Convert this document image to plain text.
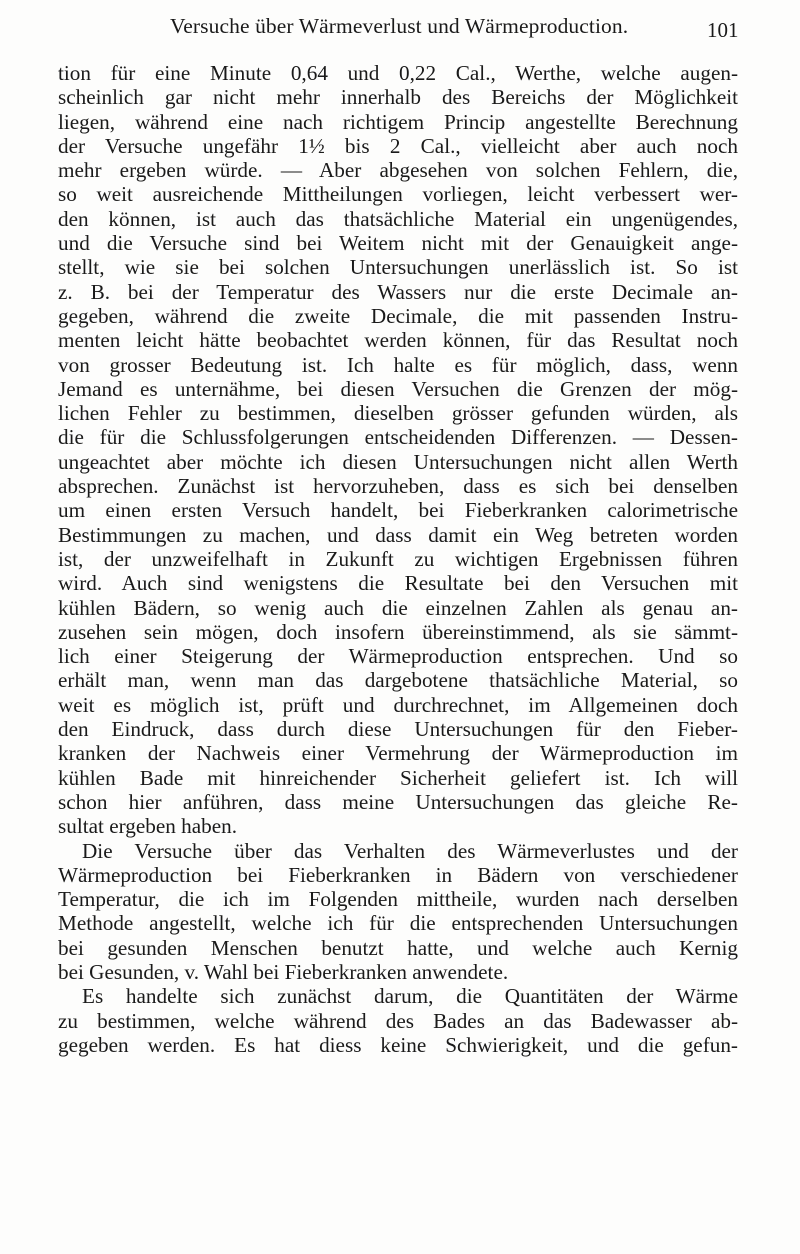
Versuche über Wärmeverlust und Wärmeproduction.	101
tion für eine Minute 0,64 und 0,22 Cal., Werthe, welche augen-
scheinlich gar nicht mehr innerhalb des Bereichs der Möglichkeit
liegen, während eine nach richtigem Princip angestellte Berechnung
der Versuche ungefähr 1½ bis 2 Cal., vielleicht aber auch noch
mehr ergeben würde. — Aber abgesehen von solchen Fehlern, die,
so weit ausreichende Mittheilungen vorliegen, leicht verbessert wer-
den können, ist auch das thatsächliche Material ein ungenügendes,
und die Versuche sind bei Weitem nicht mit der Genauigkeit ange-
stellt, wie sie bei solchen Untersuchungen unerlässlich ist. So ist
z. B. bei der Temperatur des Wassers nur die erste Decimale an-
gegeben, während die zweite Decimale, die mit passenden Instru-
menten leicht hätte beobachtet werden können, für das Resultat noch
von grosser Bedeutung ist. Ich halte es für möglich, dass, wenn
Jemand es unternähme, bei diesen Versuchen die Grenzen der mög-
lichen Fehler zu bestimmen, dieselben grösser gefunden würden, als
die für die Schlussfolgerungen entscheidenden Differenzen. — Dessen-
ungeachtet aber möchte ich diesen Untersuchungen nicht allen Werth
absprechen. Zunächst ist hervorzuheben, dass es sich bei denselben
um einen ersten Versuch handelt, bei Fieberkranken calorimetrische
Bestimmungen zu machen, und dass damit ein Weg betreten worden
ist, der unzweifelhaft in Zukunft zu wichtigen Ergebnissen führen
wird. Auch sind wenigstens die Resultate bei den Versuchen mit
kühlen Bädern, so wenig auch die einzelnen Zahlen als genau an-
zusehen sein mögen, doch insofern übereinstimmend, als sie sämmt-
lich einer Steigerung der Wärmeproduction entsprechen. Und so
erhält man, wenn man das dargebotene thatsächliche Material, so
weit es möglich ist, prüft und durchrechnet, im Allgemeinen doch
den Eindruck, dass durch diese Untersuchungen für den Fieber-
kranken der Nachweis einer Vermehrung der Wärmeproduction im
kühlen Bade mit hinreichender Sicherheit geliefert ist. Ich will
schon hier anführen, dass meine Untersuchungen das gleiche Re-
sultat ergeben haben.
Die Versuche über das Verhalten des Wärmeverlustes und der
Wärmeproduction bei Fieberkranken in Bädern von verschiedener
Temperatur, die ich im Folgenden mittheile, wurden nach derselben
Methode angestellt, welche ich für die entsprechenden Untersuchungen
bei gesunden Menschen benutzt hatte, und welche auch Kernig
bei Gesunden, v. Wahl bei Fieberkranken anwendete.
Es handelte sich zunächst darum, die Quantitäten der Wärme
zu bestimmen, welche während des Bades an das Badewasser ab-
gegeben werden. Es hat diess keine Schwierigkeit, und die gefun-
